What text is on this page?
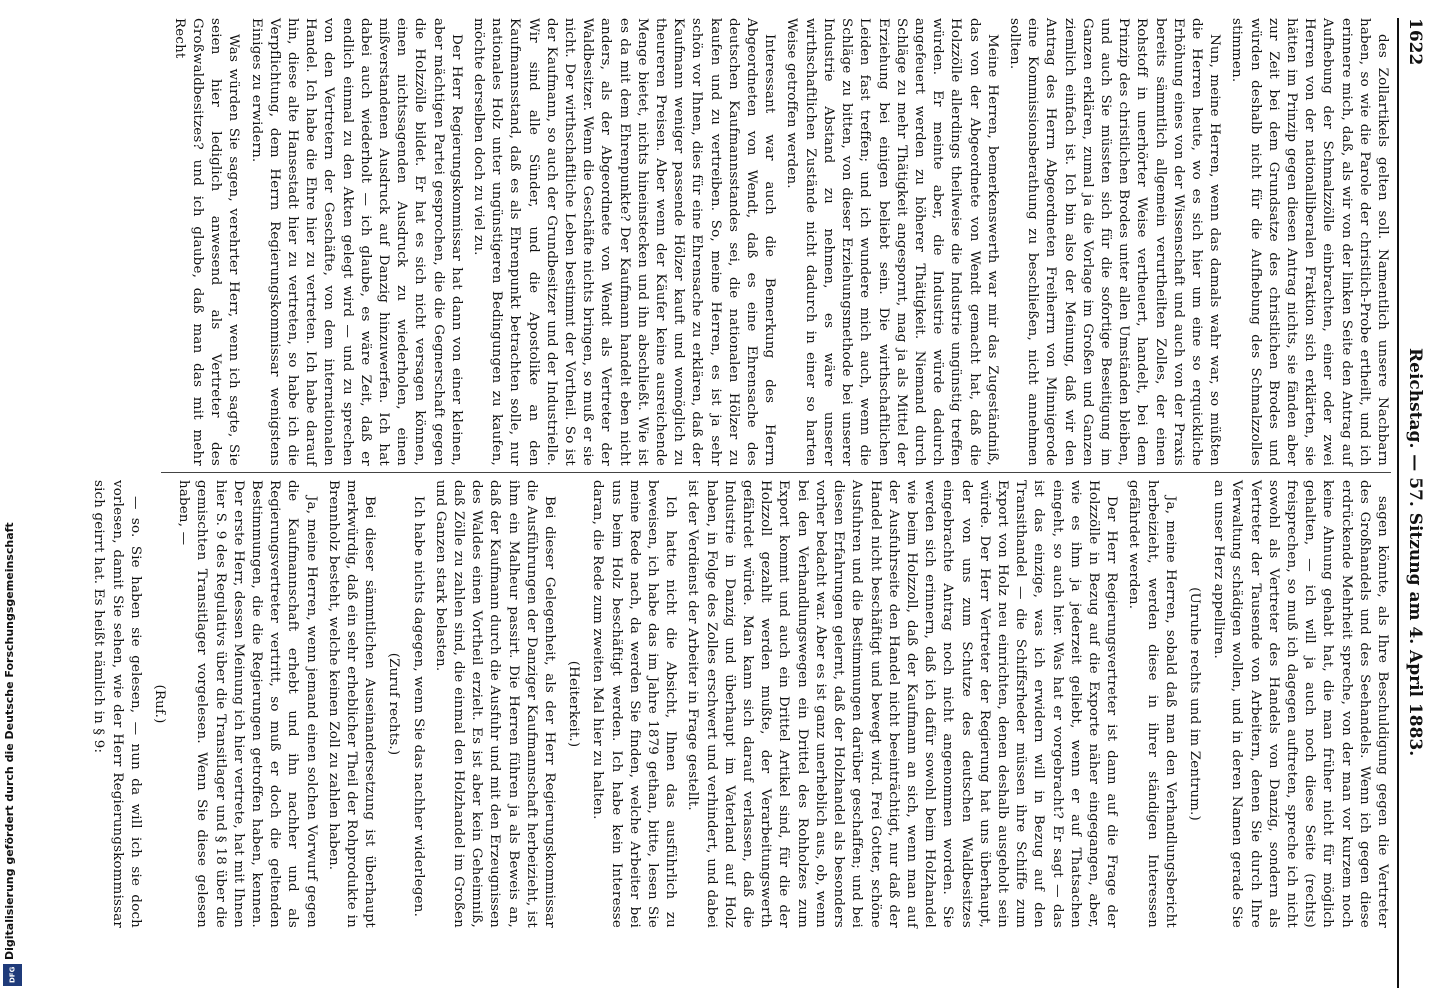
1622
Reichstag. — 57. Sitzung am 4. April 1883.

des Zollartikels gelten soll. Namentlich unsere Nachbarn haben, so wie die Parole der christlich-Probe ertheilt, und ich erinnere mich, daß, als wir von der linken Seite den Antrag auf Aufhebung der Schmalzzölle einbrachten, einer oder zwei Herren von der nationalliberalen Fraktion sich erklärten, sie hätten im Prinzip gegen diesen Antrag nichts, sie fänden aber zur Zeit bei dem Grundsatze des christlichen Brodes und würden deshalb nicht für die Aufhebung des Schmalzzolles stimmen.

Nun, meine Herren, wenn das damals wahr war, so müßten die Herren heute, wo es sich hier um eine so erquickliche Erhöhung eines von der Wissenschaft und auch von der Praxis bereits sämmtlich allgemein verurtheilten Zolles, der einen Rohstoff in unerhörter Weise vertheuert, handelt, bei dem Prinzip des christlichen Brodes unter allen Umständen bleiben, und auch Sie müssten sich für die sofortige Beseitigung im Ganzen erklären, zumal ja die Vorlage im Großen und Ganzen ziemlich einfach ist. Ich bin also der Meinung, daß wir den Antrag des Herrn Abgeordneten Freiherrn von Minnigerode eine Kommissionsberathung zu beschließen, nicht annehmen sollten.

Meine Herren, bemerkenswerth war mir das Zugeständniß, das von der Abgeordnete von Wendt gemacht hat, daß die Holzzölle allerdings theilweise die Industrie ungünstig treffen würden. Er meinte aber, die Industrie würde dadurch angefeuert werden zu höherer Thätigkeit. Niemand durch Schläge zu mehr Thätigkeit angespornt, mag ja als Mittel der Erziehung bei einigen beliebt sein. Die wirthschaftlichen Leiden fast treffen; und ich wundere mich auch, wenn die Schläge zu bitten, von dieser Erziehungsmethode bei unserer Industrie Abstand zu nehmen, es wäre unserer wirthschaftlichen Zustände nicht dadurch in einer so harten Weise getroffen werden.

Interessant war auch die Bemerkung des Herrn Abgeordneten von Wendt, daß es eine Ehrensache des deutschen Kaufmannsstandes sei, die nationalen Hölzer zu kaufen und zu vertreiben. So, meine Herren, es ist ja sehr schön vor Ihnen, dies für eine Ehrensache zu erklären, daß der Kaufmann weniger passende Hölzer kauft und womöglich zu theureren Preisen. Aber wenn der Käufer keine ausreichende Menge bietet, nichts hineinstecken und ihn abschließt. Wie ist es da mit dem Ehrenpunkte? Der Kaufmann handelt eben nicht anders, als der Abgeordnete von Wendt als Vertreter der Waldbesitzer. Wenn die Geschäfte nichts bringen, so muß er sie nicht. Der wirthschaftliche Leben bestimmt der Vortheil. So ist der Kaufmann, so auch der Grundbesitzer und der Industrielle. Wir sind alle Sünder, und die Apostolike an den Kaufmannsstand, daß es als Ehrenpunkt betrachten solle, nur nationales Holz unter ungünstigeren Bedingungen zu kaufen, möchte derselben doch zu viel zu.

Der Herr Regierungskommissar hat dann von einer kleinen, aber mächtigen Partei gesprochen, die die Gegnerschaft gegen die Holzzölle bildet. Er hat es sich nicht versagen können, einen nichtssagenden Ausdruck zu wiederholen, einen mißverstandenen Ausdruck auf Danzig hinzuwerfen. Ich hat dabei auch wiederholt — ich glaube, es wäre Zeit, daß er endlich einmal zu den Akten gelegt wird — und zu sprechen von den Vertretern der Geschäfte, von dem internationalen Handel. Ich habe die Ehre hier zu vertreten. Ich habe darauf hin, diese alte Hansestadt hier zu vertreten, so habe ich die Verpflichtung, dem Herrn Regierungskommissar wenigstens Einiges zu erwidern.

Was würden Sie sagen, verehrter Herr, wenn ich sagte, Sie seien hier lediglich anwesend als Vertreter des Großwaldbesitzes? und ich glaube, daß man das mit mehr Recht

sagen könnte, als Ihre Beschuldigung gegen die Vertreter des Großhandels und des Seehandels. Wenn ich gegen diese erdrückende Mehrheit spreche, von der man vor kurzem noch keine Ahnung gehabt hat, die man früher nicht für möglich gehalten, — ich will ja auch noch diese Seite (rechts) freisprechen, so muß ich dagegen auftreten, spreche ich nicht sowohl als Vertreter des Handels von Danzig, sondern als Vertreter der Tausende von Arbeitern, denen Sie durch Ihre Verwaltung schädigen wollen, und in deren Namen gerade Sie an unser Herz appelliren.

(Unruhe rechts und im Zentrum.)

Ja, meine Herren, sobald daß man den Verhandlungsbericht herbeizieht, werden diese in ihrer ständigen Interessen gefährdet werden.

Der Herr Regierungsvertreter ist dann auf die Frage der Holzzölle in Bezug auf die Exporte näher eingegangen, aber, wie es ihm ja jederzeit geliebt, wenn er auf Thatsachen eingeht, so auch hier. Was hat er vorgebracht? Er sagt — das ist das einzige, was ich erwidern will in Bezug auf den Transithandel — die Schiffsrheder müssen ihre Schiffe zum Export von Holz neu einrichten, denen deshalb ausgeholt sein würde. Der Herr Vertreter der Regierung hat uns überhaupt, der von uns zum Schutze des deutschen Waldbesitzes eingebrachte Antrag noch nicht angenommen worden. Sie werden sich erinnern, daß ich dafür sowohl beim Holzhandel wie beim Holzzoll, daß der Kaufmann an sich, wenn man auf der Ausfuhrseite den Handel nicht beeinträchtigt, nur daß der Handel nicht beschäftigt und bewegt wird. Frei Gotter, schöne Ausfuhren und die Bestimmungen darüber geschaffen; und bei diesen Erfahrungen gelernt, daß der Holzhandel als besonders vorher bedacht war. Aber es ist ganz unerheblich aus, ob, wenn bei den Verhandlungswegen ein Drittel des Rohholzes zum Export kommt und auch ein Drittel Artikel sind, für die der Holzzoll gezahlt werden mußte, der Verarbeitungswerth gefährdet würde. Man kann sich darauf verlassen, daß die Industrie in Danzig und überhaupt im Vaterland auf Holz haben, in Folge des Zolles erschwert und verhindert, und dabei ist der Verdienst der Arbeiter in Frage gestellt.

Ich hatte nicht die Absicht, Ihnen das ausführlich zu beweisen, ich habe das im Jahre 1879 gethan, bitte, lesen Sie meine Rede nach, da werden Sie finden, welche Arbeiter bei uns beim Holz beschäftigt werden. Ich habe kein Interesse daran, die Rede zum zweiten Mal hier zu halten.

(Heiterkeit.)

Bei dieser Gelegenheit, als der Herr Regierungskommissar die Ausführungen der Danziger Kaufmannschaft herbeizieht, ist ihm ein Malheur passirt. Die Herren führen ja als Beweis an, daß der Kaufmann durch die Ausfuhr und mit den Erzeugnissen des Waldes einen Vortheil erzielt. Es ist aber kein Geheimniß, daß Zölle zu zahlen sind, die einmal den Holzhandel im Großen und Ganzen stark belasten.

Ich habe nichts dagegen, wenn Sie das nachher widerlegen.

(Zuruf rechts.)

Bei dieser sämmtlichen Auseinandersetzung ist überhaupt merkwürdig, daß ein sehr erheblicher Theil der Rohprodukte in Brennholz besteht, welche keinen Zoll zu zahlen haben.

Ja, meine Herren, wenn jemand einen solchen Vorwurf gegen die Kaufmannschaft erhebt und ihn nachher und als Regierungsvertreter vertritt, so muß er doch die geltenden Bestimmungen, die die Regierungen getroffen haben, kennen. Der erste Herr, dessen Meinung ich hier vertrete, hat mit Ihnen hier S. 9 des Regulativs über die Transitlager und § 18 über die gemischten Transitlager vorgelesen. Wenn Sie diese gelesen haben, —

(Ruf.)

— so. Sie haben sie gelesen, — nun da will ich sie doch vorlesen, damit Sie sehen, wie der Herr Regierungskommissar sich geirrt hat. Es heißt nämlich in § 9:

Digitalisierung gefördert durch die Deutsche Forschungsgemeinschaft
DFG
